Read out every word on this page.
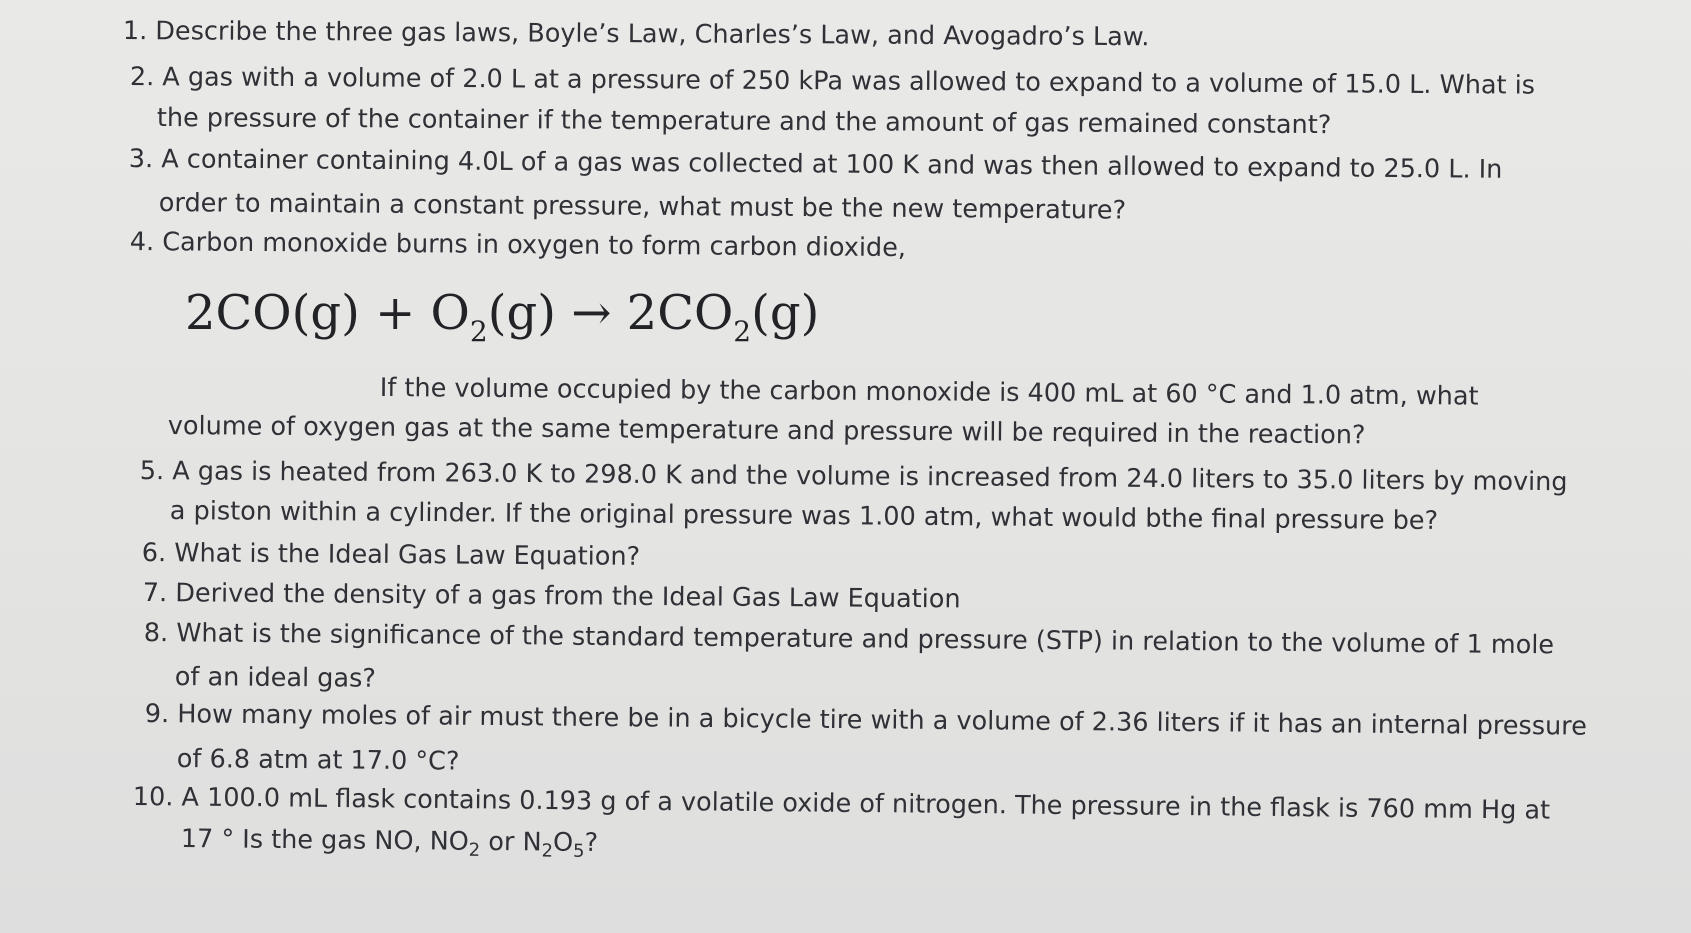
1. Describe the three gas laws, Boyle’s Law, Charles’s Law, and Avogadro’s Law.
2. A gas with a volume of 2.0 L at a pressure of 250 kPa was allowed to expand to a volume of 15.0 L. What is
the pressure of the container if the temperature and the amount of gas remained constant?
3. A container containing 4.0L of a gas was collected at 100 K and was then allowed to expand to 25.0 L. In
order to maintain a constant pressure, what must be the new temperature?
4. Carbon monoxide burns in oxygen to form carbon dioxide,
$2CO(g) + O_2(g) \to 2CO_2(g)$
If the volume occupied by the carbon monoxide is 400 mL at 60 °C and 1.0 atm, what
volume of oxygen gas at the same temperature and pressure will be required in the reaction?
5. A gas is heated from 263.0 K to 298.0 K and the volume is increased from 24.0 liters to 35.0 liters by moving
a piston within a cylinder. If the original pressure was 1.00 atm, what would bthe final pressure be?
6. What is the Ideal Gas Law Equation?
7. Derived the density of a gas from the Ideal Gas Law Equation
8. What is the significance of the standard temperature and pressure (STP) in relation to the volume of 1 mole
of an ideal gas?
9. How many moles of air must there be in a bicycle tire with a volume of 2.36 liters if it has an internal pressure
of 6.8 atm at 17.0 °C?
10. A 100.0 mL flask contains 0.193 g of a volatile oxide of nitrogen. The pressure in the flask is 760 mm Hg at
17 ° Is the gas NO, $NO_2$ or $N_2O_5$?
